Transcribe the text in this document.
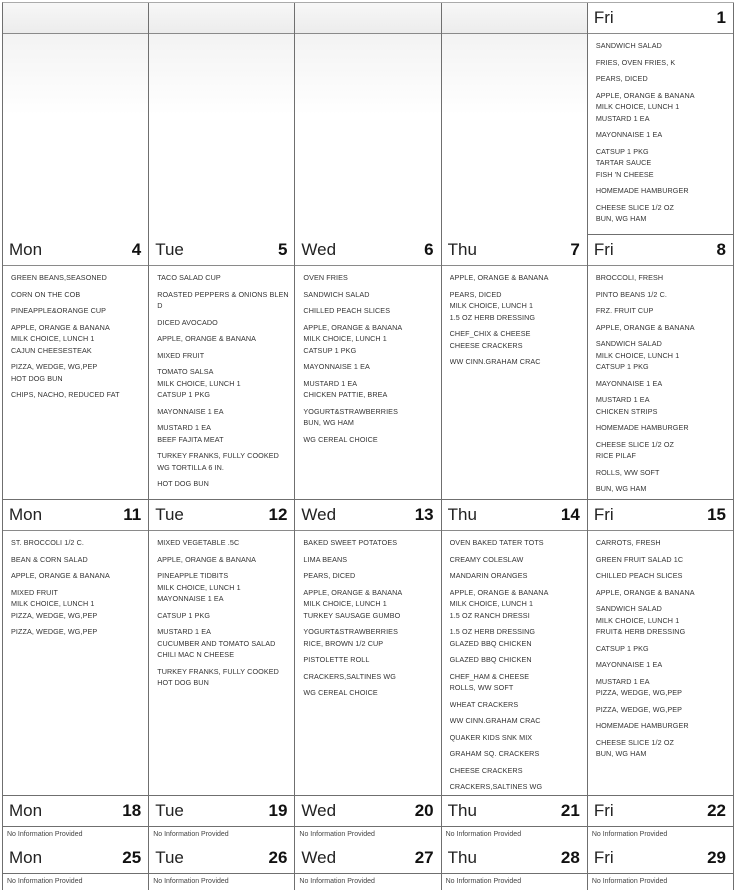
Fri	1
SANDWICH SALAD
FRIES, OVEN FRIES, K
PEARS, DICED
APPLE, ORANGE & BANANA
MILK CHOICE, LUNCH 1
MUSTARD 1 EA
MAYONNAISE 1 EA
CATSUP 1 PKG
TARTAR SAUCE
FISH 'N CHEESE
HOMEMADE HAMBURGER
CHEESE SLICE 1/2 OZ
BUN, WG HAM
Mon	4
GREEN BEANS,SEASONED
CORN ON THE COB
PINEAPPLE&ORANGE CUP
APPLE, ORANGE & BANANA
MILK CHOICE, LUNCH 1
CAJUN CHEESESTEAK
PIZZA, WEDGE, WG,PEP
HOT DOG BUN
CHIPS, NACHO, REDUCED FAT
Tue	5
TACO SALAD CUP
ROASTED PEPPERS & ONIONS BLEN
D
DICED AVOCADO
APPLE, ORANGE & BANANA
MIXED FRUIT
TOMATO SALSA
MILK CHOICE, LUNCH 1
CATSUP 1 PKG
MAYONNAISE 1 EA
MUSTARD 1 EA
BEEF FAJITA MEAT
TURKEY FRANKS, FULLY COOKED
WG TORTILLA 6 IN.
HOT DOG BUN
Wed	6
OVEN FRIES
SANDWICH SALAD
CHILLED PEACH SLICES
APPLE, ORANGE & BANANA
MILK CHOICE, LUNCH 1
CATSUP 1 PKG
MAYONNAISE 1 EA
MUSTARD 1 EA
CHICKEN PATTIE, BREA
YOGURT&STRAWBERRIES
BUN, WG HAM
WG CEREAL CHOICE
Thu	7
APPLE, ORANGE & BANANA
PEARS, DICED
MILK CHOICE, LUNCH 1
1.5 OZ HERB DRESSING
CHEF_CHIX & CHEESE
CHEESE CRACKERS
WW CINN.GRAHAM CRAC
Fri	8
BROCCOLI, FRESH
PINTO BEANS 1/2 C.
FRZ. FRUIT CUP
APPLE, ORANGE & BANANA
SANDWICH SALAD
MILK CHOICE, LUNCH 1
CATSUP 1 PKG
MAYONNAISE 1 EA
MUSTARD 1 EA
CHICKEN STRIPS
HOMEMADE HAMBURGER
CHEESE SLICE 1/2 OZ
RICE PILAF
ROLLS, WW SOFT
BUN, WG HAM
Mon	11
ST. BROCCOLI 1/2 C.
BEAN & CORN SALAD
APPLE, ORANGE & BANANA
MIXED FRUIT
MILK CHOICE, LUNCH 1
PIZZA, WEDGE, WG,PEP
PIZZA, WEDGE, WG,PEP
Tue	12
MIXED VEGETABLE .5C
APPLE, ORANGE & BANANA
PINEAPPLE TIDBITS
MILK CHOICE, LUNCH 1
MAYONNAISE 1 EA
CATSUP 1 PKG
MUSTARD 1 EA
CUCUMBER AND TOMATO SALAD
CHILI MAC N CHEESE
TURKEY FRANKS, FULLY COOKED
HOT DOG BUN
Wed	13
BAKED SWEET POTATOES
LIMA BEANS
PEARS, DICED
APPLE, ORANGE & BANANA
MILK CHOICE, LUNCH 1
TURKEY SAUSAGE GUMBO
YOGURT&STRAWBERRIES
RICE, BROWN 1/2 CUP
PISTOLETTE ROLL
CRACKERS,SALTINES WG
WG CEREAL CHOICE
Thu	14
OVEN BAKED TATER TOTS
CREAMY COLESLAW
MANDARIN ORANGES
APPLE, ORANGE & BANANA
MILK CHOICE, LUNCH 1
1.5 OZ RANCH DRESSI
1.5 OZ HERB DRESSING
GLAZED BBQ CHICKEN
GLAZED BBQ CHICKEN
CHEF_HAM & CHEESE
ROLLS, WW SOFT
WHEAT CRACKERS
WW CINN.GRAHAM CRAC
QUAKER KIDS SNK MIX
GRAHAM SQ. CRACKERS
CHEESE CRACKERS
CRACKERS,SALTINES WG
Fri	15
CARROTS, FRESH
GREEN FRUIT SALAD 1C
CHILLED PEACH SLICES
APPLE, ORANGE & BANANA
SANDWICH SALAD
MILK CHOICE, LUNCH 1
FRUIT& HERB DRESSING
CATSUP 1 PKG
MAYONNAISE 1 EA
MUSTARD 1 EA
PIZZA, WEDGE, WG,PEP
PIZZA, WEDGE, WG,PEP
HOMEMADE HAMBURGER
CHEESE SLICE 1/2 OZ
BUN, WG HAM
Mon	18
No Information Provided
Tue	19
No Information Provided
Wed	20
No Information Provided
Thu	21
No Information Provided
Fri	22
No Information Provided
Mon	25
No Information Provided
Tue	26
No Information Provided
Wed	27
No Information Provided
Thu	28
No Information Provided
Fri	29
No Information Provided
